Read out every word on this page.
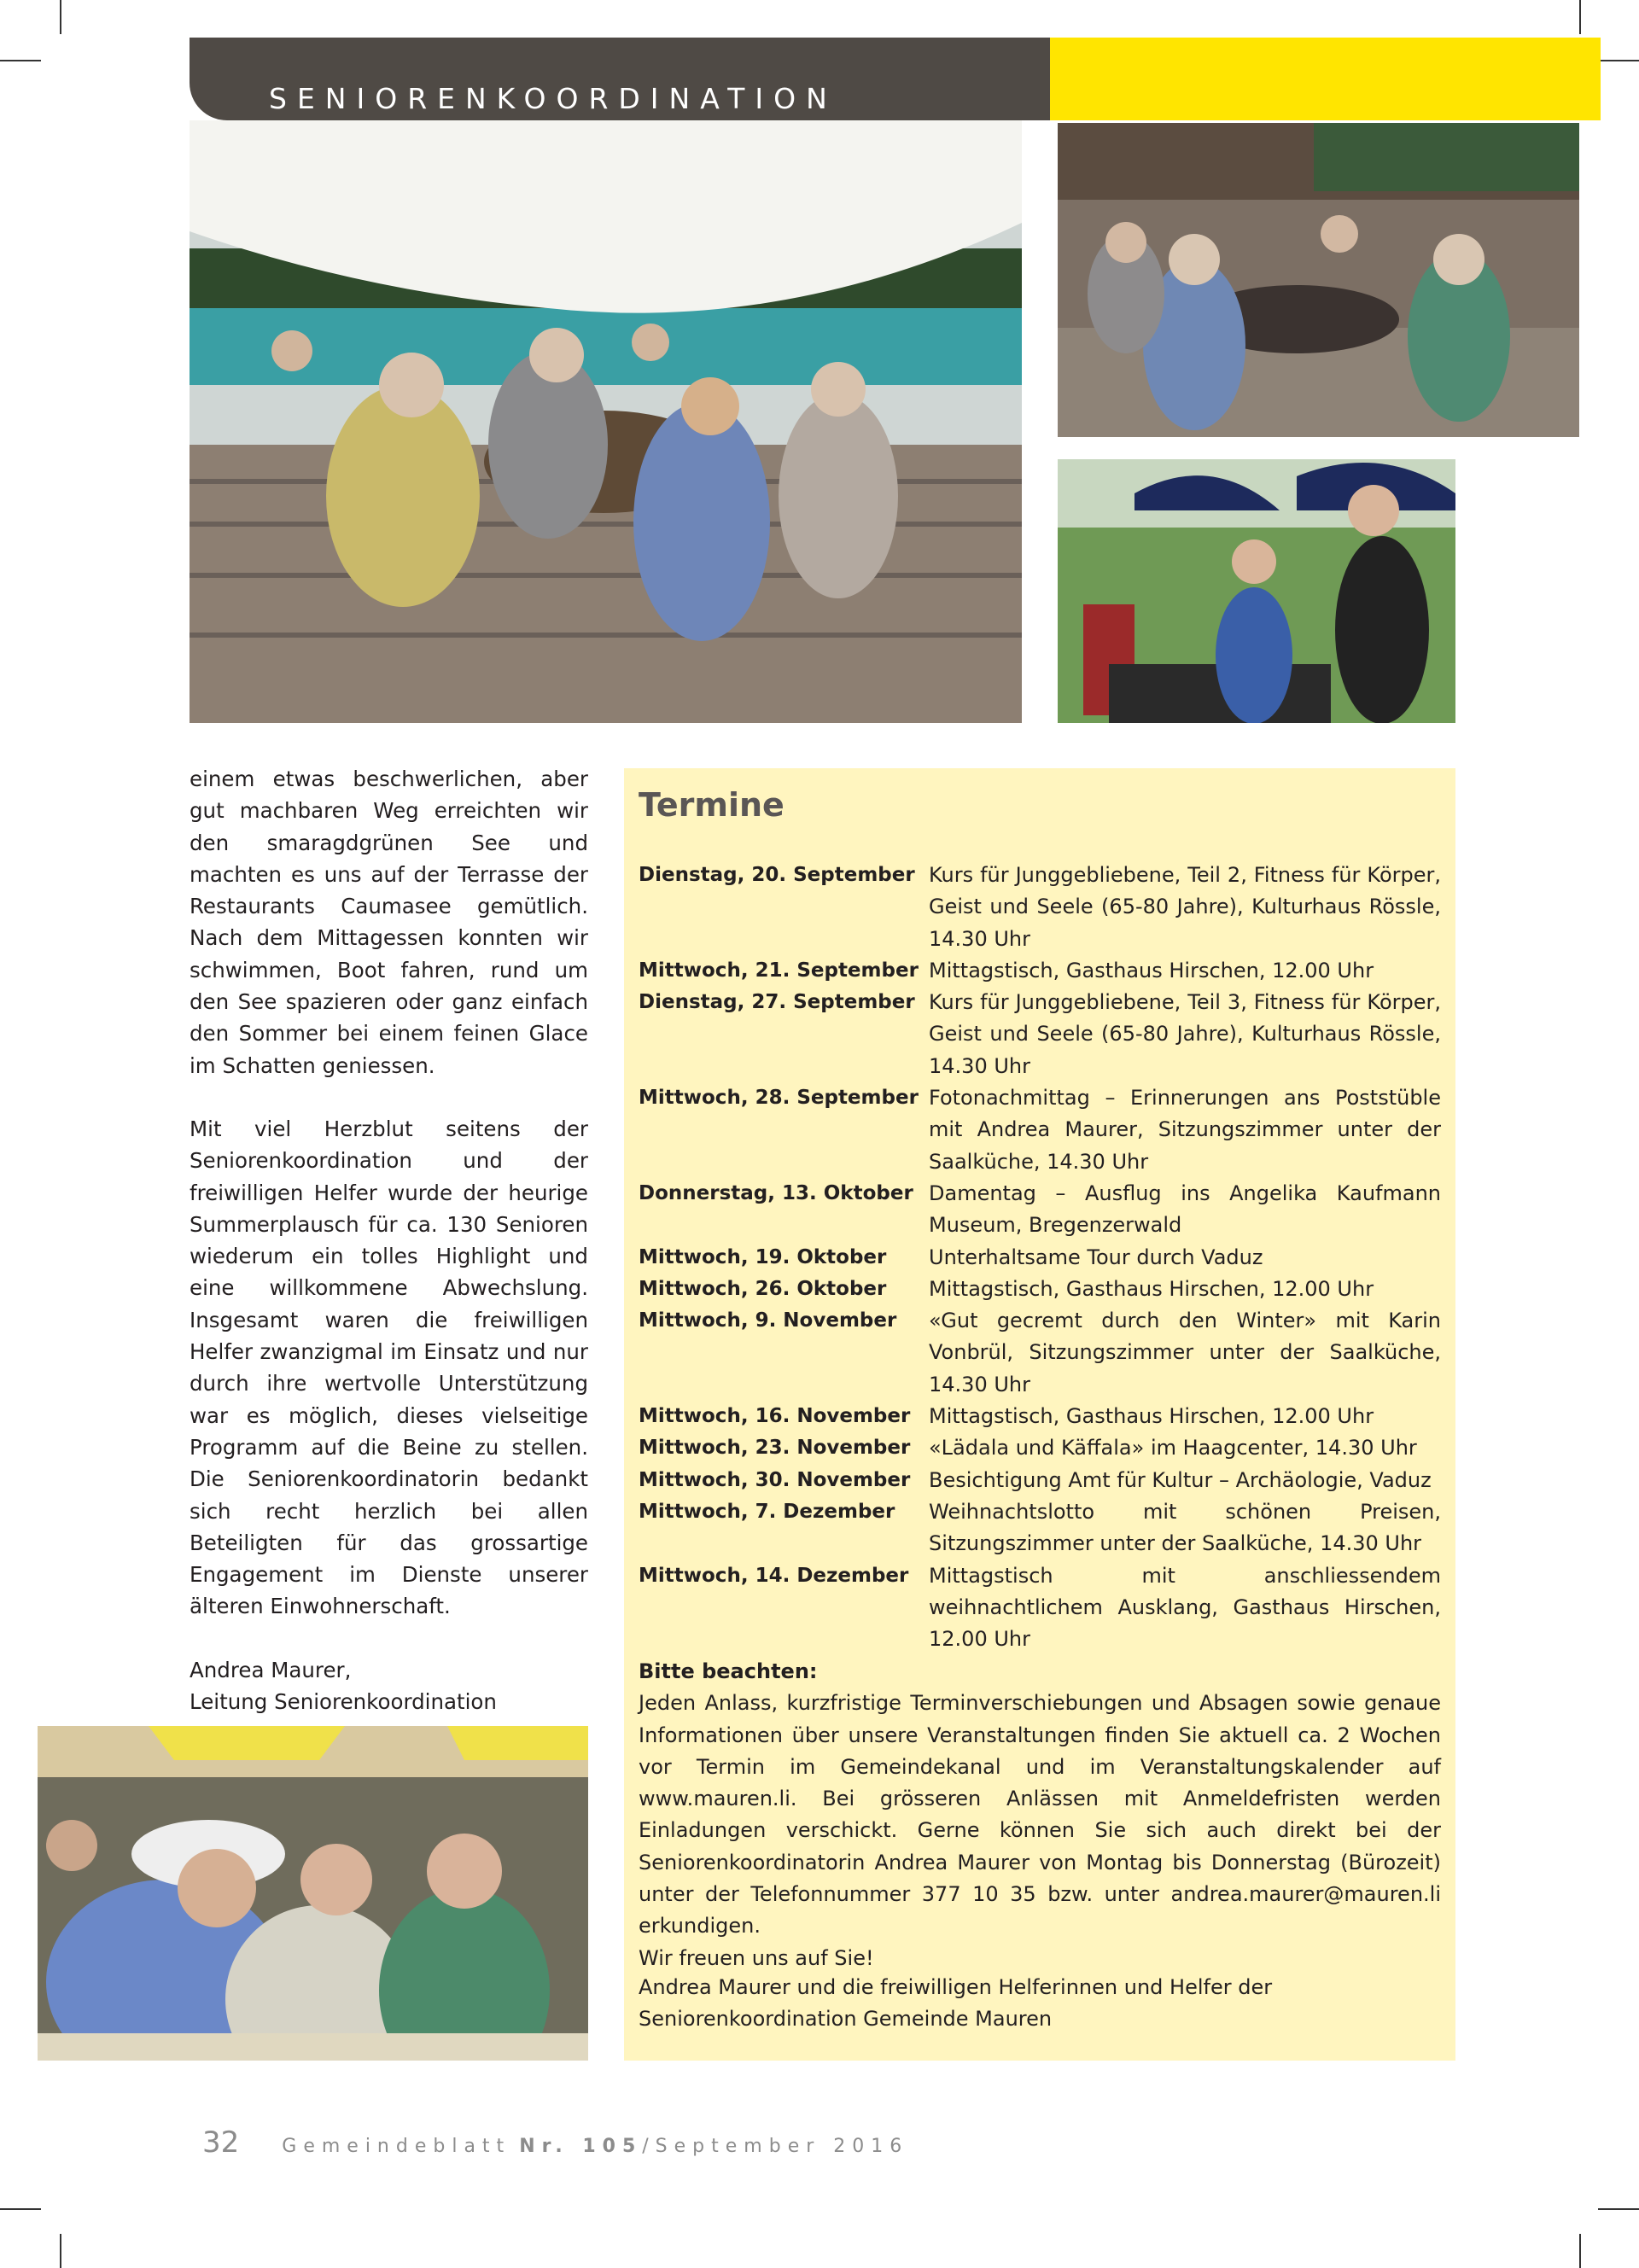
SENIORENKOORDINATION

einem etwas beschwerlichen, aber gut machbaren Weg erreichten wir den smaragdgrünen See und machten es uns auf der Terrasse der Restaurants Caumasee gemütlich. Nach dem Mittagessen konnten wir schwimmen, Boot fahren, rund um den See spazieren oder ganz einfach den Sommer bei einem feinen Glace im Schatten geniessen.

Mit viel Herzblut seitens der Seniorenkoordination und der freiwilligen Helfer wurde der heurige Summerplausch für ca. 130 Senioren wiederum ein tolles Highlight und eine willkommene Abwechslung. Insgesamt waren die freiwilligen Helfer zwanzigmal im Einsatz und nur durch ihre wertvolle Unterstützung war es möglich, dieses vielseitige Programm auf die Beine zu stellen. Die Seniorenkoordinatorin bedankt sich recht herzlich bei allen Beteiligten für das grossartige Engagement im Dienste unserer älteren Einwohnerschaft.

Andrea Maurer,

Leitung Seniorenkoordination

Termine
Dienstag, 20. September Kurs für Junggebliebene, Teil 2, Fitness für Körper, Geist und Seele (65-80 Jahre), Kulturhaus Rössle, 14.30 Uhr
Mittwoch, 21. September Mittagstisch, Gasthaus Hirschen, 12.00 Uhr
Dienstag, 27. September Kurs für Junggebliebene, Teil 3, Fitness für Körper, Geist und Seele (65-80 Jahre), Kulturhaus Rössle, 14.30 Uhr
Mittwoch, 28. September Fotonachmittag – Erinnerungen ans Poststüble mit Andrea Maurer, Sitzungszimmer unter der Saalküche, 14.30 Uhr
Donnerstag, 13. Oktober Damentag – Ausflug ins Angelika Kaufmann Museum, Bregenzerwald
Mittwoch, 19. Oktober	Unterhaltsame Tour durch Vaduz
Mittwoch, 26. Oktober	Mittagstisch, Gasthaus Hirschen, 12.00 Uhr
Mittwoch, 9. November	«Gut gecremt durch den Winter» mit Karin Vonbrül, Sitzungszimmer unter der Saalküche, 14.30 Uhr
Mittwoch, 16. November Mittagstisch, Gasthaus Hirschen, 12.00 Uhr
Mittwoch, 23. November «Lädala und Käffala» im Haagcenter, 14.30 Uhr
Mittwoch, 30. November Besichtigung Amt für Kultur – Archäologie, Vaduz
Mittwoch, 7. Dezember	Weihnachtslotto mit schönen Preisen, Sitzungszimmer unter der Saalküche, 14.30 Uhr
Mittwoch, 14. Dezember Mittagstisch mit anschliessendem weihnachtlichem Ausklang, Gasthaus Hirschen, 12.00 Uhr
Bitte beachten:
Jeden Anlass, kurzfristige Terminverschiebungen und Absagen sowie genaue Informationen über unsere Veranstaltungen finden Sie aktuell ca. 2 Wochen vor Termin im Gemeindekanal und im Veranstaltungskalender auf www.mauren.li. Bei grösseren Anlässen mit Anmeldefristen werden Einladungen verschickt. Gerne können Sie sich auch direkt bei der Seniorenkoordinatorin Andrea Maurer von Montag bis Donnerstag (Bürozeit) unter der Telefonnummer 377 10 35 bzw. unter andrea.maurer@mauren.li erkundigen.
Wir freuen uns auf Sie!
Andrea Maurer und die freiwilligen Helferinnen und Helfer der
Seniorenkoordination Gemeinde Mauren
32 Gemeindeblatt Nr. 105 /September 2016
